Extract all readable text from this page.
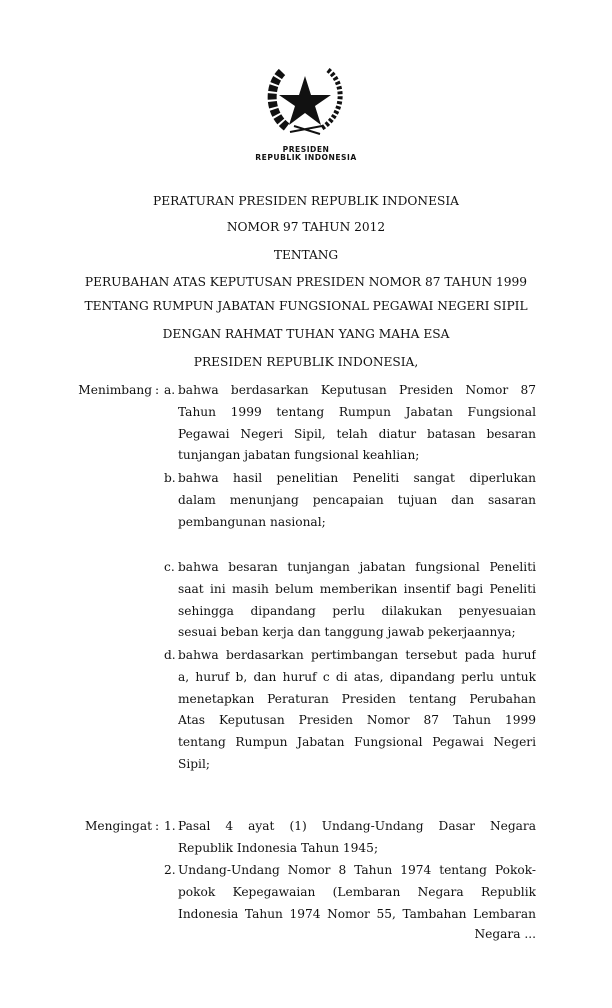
PRESIDEN
REPUBLIK INDONESIA
PERATURAN PRESIDEN REPUBLIK INDONESIA
NOMOR 97 TAHUN 2012
TENTANG
PERUBAHAN ATAS KEPUTUSAN PRESIDEN NOMOR 87 TAHUN 1999
TENTANG RUMPUN JABATAN FUNGSIONAL PEGAWAI NEGERI SIPIL
DENGAN RAHMAT TUHAN YANG MAHA ESA
PRESIDEN REPUBLIK INDONESIA,
Menimbang : a. bahwa berdasarkan Keputusan Presiden Nomor 87
Tahun 1999 tentang Rumpun Jabatan Fungsional
Pegawai Negeri Sipil, telah diatur batasan besaran
tunjangan jabatan fungsional keahlian;
b. bahwa hasil penelitian Peneliti sangat diperlukan
dalam menunjang pencapaian tujuan dan sasaran
pembangunan nasional;
c. bahwa besaran tunjangan jabatan fungsional Peneliti
saat ini masih belum memberikan insentif bagi Peneliti
sehingga dipandang perlu dilakukan penyesuaian
sesuai beban kerja dan tanggung jawab pekerjaannya;
d. bahwa berdasarkan pertimbangan tersebut pada huruf
a, huruf b, dan huruf c di atas, dipandang perlu untuk
menetapkan Peraturan Presiden tentang Perubahan
Atas Keputusan Presiden Nomor 87 Tahun 1999
tentang Rumpun Jabatan Fungsional Pegawai Negeri
Sipil;
Mengingat : 1. Pasal 4 ayat (1) Undang-Undang Dasar Negara
Republik Indonesia Tahun 1945;
2. Undang-Undang Nomor 8 Tahun 1974 tentang Pokok-
pokok Kepegawaian (Lembaran Negara Republik
Indonesia Tahun 1974 Nomor 55, Tambahan Lembaran
Negara ...
